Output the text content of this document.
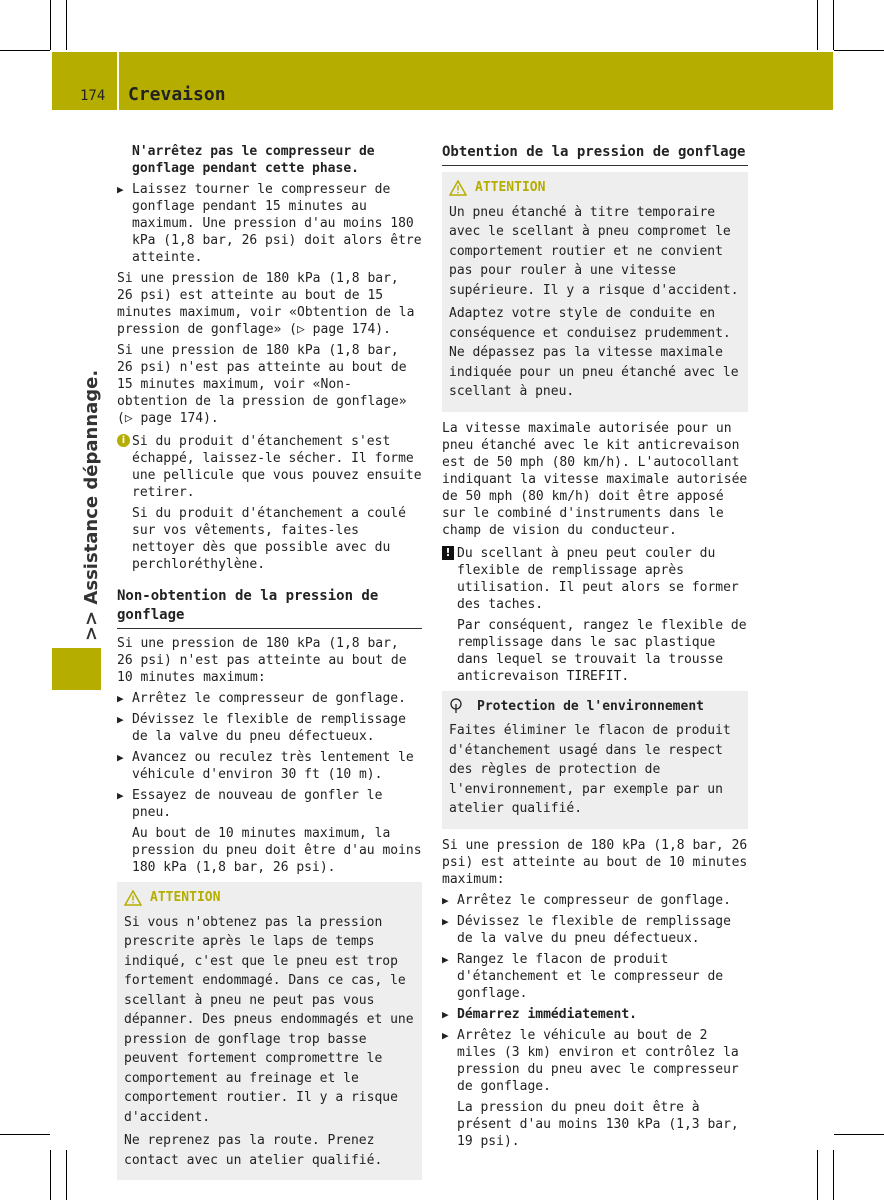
174 Crevaison
>> Assistance dépannage.

N'arrêtez pas le compresseur de gonflage pendant cette phase.

▶ Laissez tourner le compresseur de gonflage pendant 15 minutes au maximum. Une pression d'au moins 180 kPa (1,8 bar, 26 psi) doit alors être atteinte.

Si une pression de 180 kPa (1,8 bar, 26 psi) est atteinte au bout de 15 minutes maximum, voir «Obtention de la pression de gonflage» (▷ page 174).

Si une pression de 180 kPa (1,8 bar, 26 psi) n'est pas atteinte au bout de 15 minutes maximum, voir «Non-obtention de la pression de gonflage» (▷ page 174).

i Si du produit d'étanchement s'est échappé, laissez-le sécher. Il forme une pellicule que vous pouvez ensuite retirer.

Si du produit d'étanchement a coulé sur vos vêtements, faites-les nettoyer dès que possible avec du perchloréthylène.

Non-obtention de la pression de gonflage

Si une pression de 180 kPa (1,8 bar, 26 psi) n'est pas atteinte au bout de 10 minutes maximum:

▶ Arrêtez le compresseur de gonflage.
▶ Dévissez le flexible de remplissage de la valve du pneu défectueux.
▶ Avancez ou reculez très lentement le véhicule d'environ 30 ft (10 m).
▶ Essayez de nouveau de gonfler le pneu.

Au bout de 10 minutes maximum, la pression du pneu doit être d'au moins 180 kPa (1,8 bar, 26 psi).

ATTENTION

Si vous n'obtenez pas la pression prescrite après le laps de temps indiqué, c'est que le pneu est trop fortement endommagé. Dans ce cas, le scellant à pneu ne peut pas vous dépanner. Des pneus endommagés et une pression de gonflage trop basse peuvent fortement compromettre le comportement au freinage et le comportement routier. Il y a risque d'accident.

Ne reprenez pas la route. Prenez contact avec un atelier qualifié.

Obtention de la pression de gonflage
ATTENTION

Un pneu étanché à titre temporaire avec le scellant à pneu compromet le comportement routier et ne convient pas pour rouler à une vitesse supérieure. Il y a risque d'accident.

Adaptez votre style de conduite en conséquence et conduisez prudemment. Ne dépassez pas la vitesse maximale indiquée pour un pneu étanché avec le scellant à pneu.

La vitesse maximale autorisée pour un pneu étanché avec le kit anticrevaison est de 50 mph (80 km/h). L'autocollant indiquant la vitesse maximale autorisée de 50 mph (80 km/h) doit être apposé sur le combiné d'instruments dans le champ de vision du conducteur.

! Du scellant à pneu peut couler du flexible de remplissage après utilisation. Il peut alors se former des taches.

Par conséquent, rangez le flexible de remplissage dans le sac plastique dans lequel se trouvait la trousse anticrevaison TIREFIT.

Protection de l'environnement

Faites éliminer le flacon de produit d'étanchement usagé dans le respect des règles de protection de l'environnement, par exemple par un atelier qualifié.

Si une pression de 180 kPa (1,8 bar, 26 psi) est atteinte au bout de 10 minutes maximum:

▶ Arrêtez le compresseur de gonflage.
▶ Dévissez le flexible de remplissage de la valve du pneu défectueux.
▶ Rangez le flacon de produit d'étanchement et le compresseur de gonflage.
▶ Démarrez immédiatement.
▶ Arrêtez le véhicule au bout de 2 miles (3 km) environ et contrôlez la pression du pneu avec le compresseur de gonflage.

La pression du pneu doit être à présent d'au moins 130 kPa (1,3 bar, 19 psi).
